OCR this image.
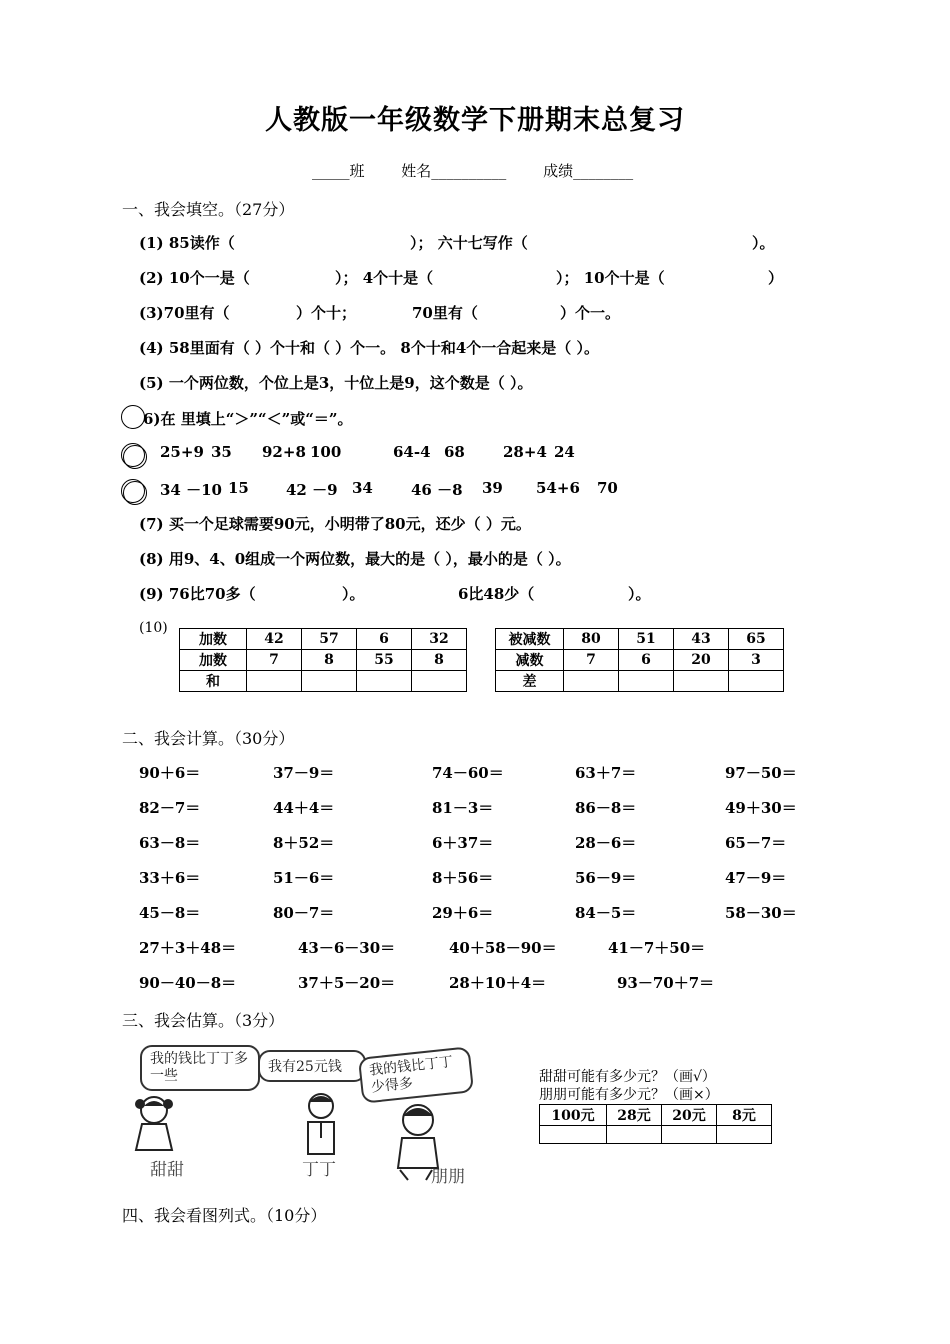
人教版一年级数学下册期末总复习
_____班 姓名__________ 成绩________
一、我会填空。（27分）
(1) 85读作（	）； 六十七写作（	）。
(2) 10个一是（	）； 4个十是（	）； 10个十是（	）
(3)70里有（	）个十；	70里有（	）个一。
(4) 58里面有（ ）个十和（ ）个一。 8个十和4个一合起来是（ ）。
(5) 一个两位数，个位上是3，十位上是9，这个数是（ ）。
6)在 里填上“＞”“＜”或“＝”。
25+9 35 92+8 100	64-4 68	28+4 24
34 －10 15 42 －9 34	46 －8 39 54+6 70
(7) 买一个足球需要90元，小明带了80元，还少（ ）元。
(8) 用9、4、0组成一个两位数，最大的是（ ），最小的是（ ）。
(9) 76比70多（	）。	6比48少（	）。
(10)
加数	42	57	6	32
加数	7	8	55	8
和				
被减数	80	51	43	65
减数	7	6	20	3
差				
二、我会计算。（30分）
90＋6＝	37－9＝	74－60＝	63＋7＝	97－50＝
82－7＝	44＋4＝	81－3＝	86－8＝	49＋30＝
63－8＝	8＋52＝	6＋37＝	28－6＝	65－7＝
33＋6＝	51－6＝	8＋56＝	56－9＝	47－9＝
45－8＝	80－7＝	29＋6＝	84－5＝	58－30＝
27＋3＋48＝	43－6－30＝	40＋58－90＝	41－7＋50＝
90－40－8＝	37＋5－20＝	28＋10＋4＝	93－70＋7＝
三、我会估算。（3分）
我的钱比丁丁多一些
我有25元钱	我的钱比丁丁少得多
甜甜	丁丁	朋朋
甜甜可能有多少元？（画√）
朋朋可能有多少元？（画×）
100元	28元	20元	8元

四、我会看图列式。（10分）
